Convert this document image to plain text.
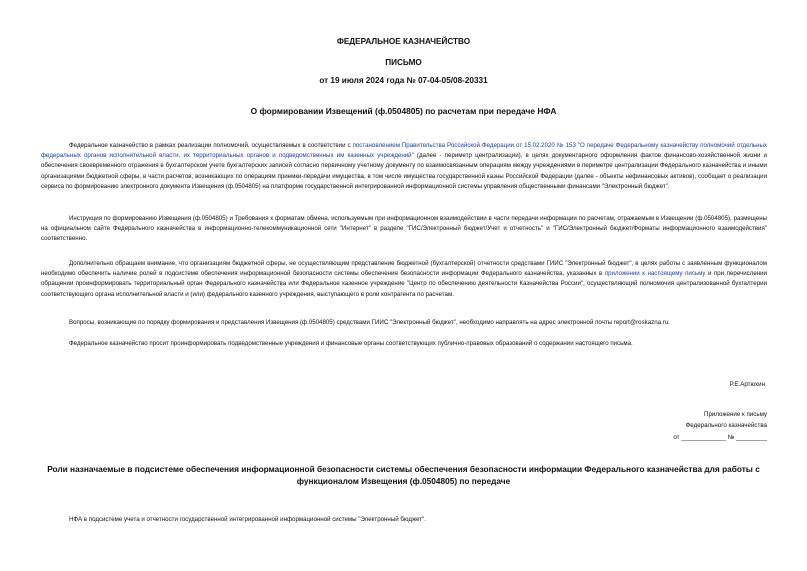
ФЕДЕРАЛЬНОЕ КАЗНАЧЕЙСТВО
ПИСЬМО
от 19 июля 2024 года № 07-04-05/08-20331
О формировании Извещений (ф.0504805) по расчетам при передаче НФА

Федеральное казначейство в рамках реализации полномочий, осуществляемых в соответствии с постановлением Правительства Российской Федерации от 15.02.2020 № 153 "О передаче Федеральному казначейству полномочий отдельных федеральных органов исполнительной власти, их территориальных органов и подведомственных им казенных учреждений" (далее - периметр централизации), в целях документарного оформления фактов финансово-хозяйственной жизни и обеспечения своевременного отражения в бухгалтерском учете бухгалтерских записей согласно первичному учетному документу по взаимосвязанным операциям между учреждениями в периметре централизации Федерального казначейства и иными организациями бюджетной сферы, в части расчетов, возникающих по операциям приемки-передачи имущества, в том числе имущества государственной казны Российской Федерации (далее - объекты нефинансовых активов), сообщает о реализации сервиса по формированию электронного документа Извещения (ф.0504805) на платформе государственной интегрированной информационной системы управления общественными финансами "Электронный бюджет".

Инструкция по формированию Извещения (ф.0504805) и Требования к форматам обмена, используемым при информационном взаимодействии в части передачи информации по расчетам, отражаемым в Извещении (ф.0504805), размещены на официальном сайте Федерального казначейства в информационно-телекоммуникационной сети "Интернет" в разделе "ГИС/Электронный бюджет/Учет и отчетность" и "ГИС/Электронный бюджет/Форматы информационного взаимодействия" соответственно.

Дополнительно обращаем внимание, что организациям бюджетной сферы, не осуществляющим представление бюджетной (бухгалтерской) отчетности средствами ГИИС "Электронный бюджет", в целях работы с заявленным функционалом необходимо обеспечить наличие ролей в подсистеме обеспечения информационной безопасности системы обеспечения безопасности информации Федерального казначейства, указанных в приложении к настоящему письму и при перечислении обращении проинформировать территориальный орган Федерального казначейства или Федеральное казенное учреждение "Центр по обеспечению деятельности Казначейства России", осуществляющий полномочия централизованной бухгалтерии соответствующего органа исполнительной власти и (или) федерального казенного учреждения, выступающего в роли контрагента по расчетам.

Вопросы, возникающие по порядку формирования и представления Извещения (ф.0504805) средствами ГИИС "Электронный бюджет", необходимо направлять на адрес электронной почты report@roskazna.ru.

Федеральное казначейство просит проинформировать подведомственные учреждения и финансовые органы соответствующих публично-правовых образований о содержании настоящего письма.

Р.Е.Артюхин
Приложение к письму
Федерального казначейства
от _____________ № _________
Роли назначаемые в подсистеме обеспечения информационной безопасности системы обеспечения безопасности информации Федерального казначейства для работы с функционалом Извещения (ф.0504805) по передаче

НФА в подсистеме учета и отчетности государственной интегрированной информационной системы "Электронный бюджет".
